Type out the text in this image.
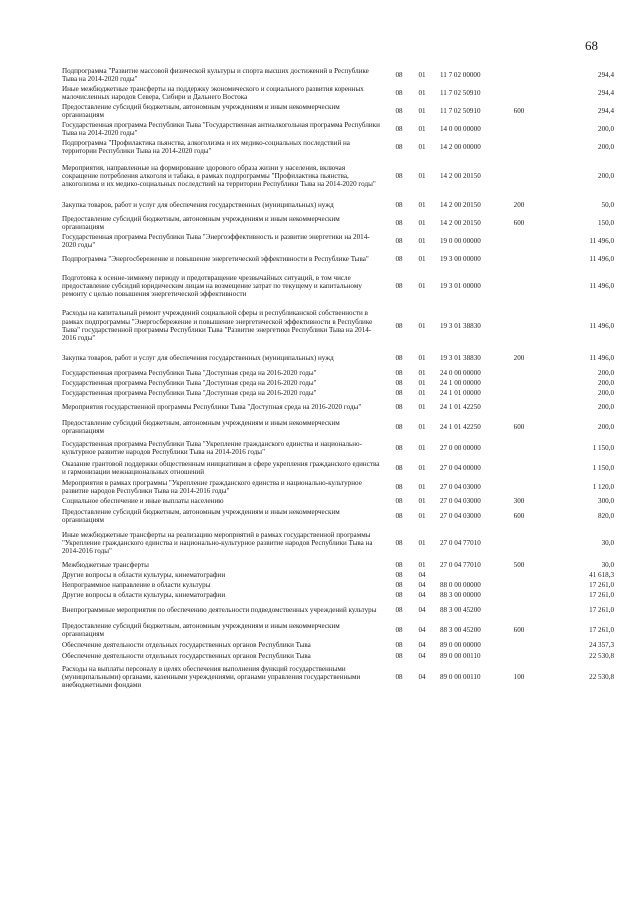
68
Подпрограмма "Развитие массовой физической культуры и спорта высших достижений в Республике Тыва на 2014-2020 годы"	08	01	11 7 02 00000		294,4
Иные межбюджетные трансферты на поддержку экономического и социального развития коренных малочисленных народов Севера, Сибири и Дальнего Востока	08	01	11 7 02 50910		294,4
Предоставление субсидий бюджетным, автономным учреждениям и иным некоммерческим организациям	08	01	11 7 02 50910	600	294,4
Государственная программа Республики Тыва "Государственная антиалкогольная программа Республики Тыва на 2014-2020 годы"	08	01	14 0 00 00000		200,0
Подпрограмма "Профилактика пьянства, алкоголизма и их медико-социальных последствий на территории Республики Тыва на 2014-2020 годы"	08	01	14 2 00 00000		200,0
Мероприятия, направленные на формирование здорового образа жизни у населения, включая сокращение потребления алкоголя и табака, в рамках подпрограммы "Профилактика пьянства, алкоголизма и их медико-социальных последствий на территории Республики Тыва на 2014-2020 годы"	08	01	14 2 00 20150		200,0
Закупка товаров, работ и услуг для обеспечения государственных (муниципальных) нужд	08	01	14 2 00 20150	200	50,0
Предоставление субсидий бюджетным, автономным учреждениям и иным некоммерческим организациям	08	01	14 2 00 20150	600	150,0
Государственная программа Республики Тыва "Энергоэффективность и развитие энергетики на 2014-2020 годы"	08	01	19 0 00 00000		11 496,0
Подпрограмма "Энергосбережение и повышение энергетической эффективности в Республике Тыва"	08	01	19 3 00 00000		11 496,0
Подготовка к осенне-зимнему периоду и предотвращение чрезвычайных ситуаций, в том числе предоставление субсидий юридическим лицам на возмещение затрат по текущему и капитальному ремонту с целью повышения энергетической эффективности	08	01	19 3 01 00000		11 496,0
Расходы на капитальный ремонт учреждений социальной сферы и республиканской собственности в рамках подпрограммы "Энергосбережение и повышение энергетической эффективности в Республике Тыва" государственной программы Республики Тыва "Развитие энергетики Республики Тыва на 2014-2016 годы"	08	01	19 3 01 38830		11 496,0
Закупка товаров, работ и услуг для обеспечения государственных (муниципальных) нужд	08	01	19 3 01 38830	200	11 496,0
Государственная программа Республики Тыва "Доступная среда на 2016-2020 годы"	08	01	24 0 00 00000		200,0
Государственная программа Республики Тыва "Доступная среда на 2016-2020 годы"	08	01	24 1 00 00000		200,0
Государственная программа Республики Тыва "Доступная среда на 2016-2020 годы"	08	01	24 1 01 00000		200,0
Мероприятия государственной программы Республики Тыва "Доступная среда на 2016-2020 годы"	08	01	24 1 01 42250		200,0
Предоставление субсидий бюджетным, автономным учреждениям и иным некоммерческим организациям	08	01	24 1 01 42250	600	200,0
Государственная программа Республики Тыва "Укрепление гражданского единства и национально-культурное развитие народов Республики Тыва на 2014-2016 годы"	08	01	27 0 00 00000		1 150,0
Оказание грантовой поддержки общественным инициативам в сфере укрепления гражданского единства и гармонизации межнациональных отношений	08	01	27 0 04 00000		1 150,0
Мероприятия в рамках программы "Укрепление гражданского единства и национально-культурное развитие народов Республики Тыва на 2014-2016 годы"	08	01	27 0 04 03000		1 120,0
Социальное обеспечение и иные выплаты населению	08	01	27 0 04 03000	300	300,0
Предоставление субсидий бюджетным, автономным учреждениям и иным некоммерческим организациям	08	01	27 0 04 03000	600	820,0
Иные межбюджетные трансферты на реализацию мероприятий в рамках государственной программы "Укрепление гражданского единства и национально-культурное развитие народов Республики Тыва на 2014-2016 годы"	08	01	27 0 04 77010		30,0
Межбюджетные трансферты	08	01	27 0 04 77010	500	30,0
Другие вопросы в области культуры, кинематографии	08	04			41 618,3
Непрограммное направление в области культуры	08	04	88 0 00 00000		17 261,0
Другие вопросы в области культуры, кинематографии	08	04	88 3 00 00000		17 261,0
Внепрограммные мероприятия по обеспечению деятельности подведомственных учреждений культуры	08	04	88 3 00 45200		17 261,0
Предоставление субсидий бюджетным, автономным учреждениям и иным некоммерческим организациям	08	04	88 3 00 45200	600	17 261,0
Обеспечение деятельности отдельных государственных органов Республики Тыва	08	04	89 0 00 00000		24 357,3
Обеспечение деятельности отдельных государственных органов Республики Тыва	08	04	89 0 00 00110		22 530,8
Расходы на выплаты персоналу в целях обеспечения выполнения функций государственными (муниципальными) органами, казенными учреждениями, органами управления государственными внебюджетными фондами	08	04	89 0 00 00110	100	22 530,8
